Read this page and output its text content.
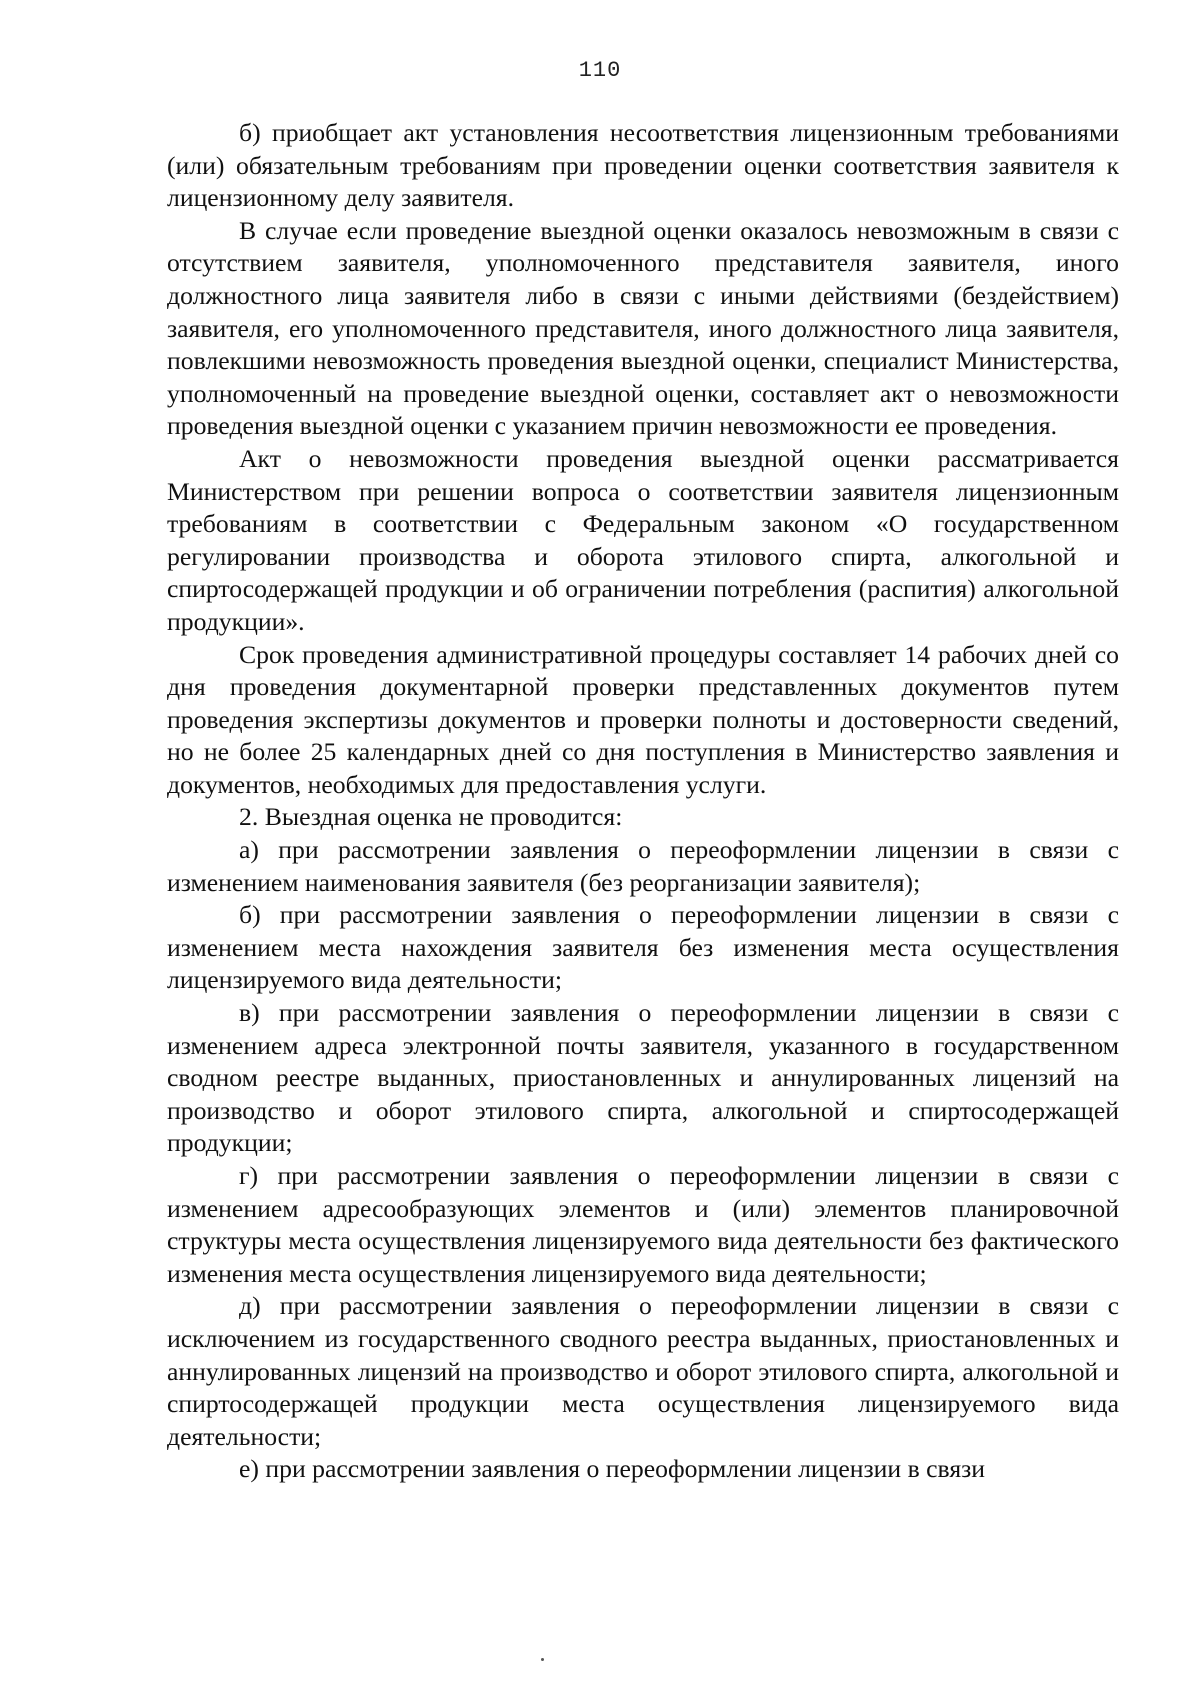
110

б) приобщает акт установления несоответствия лицензионным требованиями (или) обязательным требованиям при проведении оценки соответствия заявителя к лицензионному делу заявителя.

В случае если проведение выездной оценки оказалось невозможным в связи с отсутствием заявителя, уполномоченного представителя заявителя, иного должностного лица заявителя либо в связи с иными действиями (бездействием) заявителя, его уполномоченного представителя, иного должностного лица заявителя, повлекшими невозможность проведения выездной оценки, специалист Министерства, уполномоченный на проведение выездной оценки, составляет акт о невозможности проведения выездной оценки с указанием причин невозможности ее проведения.

Акт о невозможности проведения выездной оценки рассматривается Министерством при решении вопроса о соответствии заявителя лицензионным требованиям в соответствии с Федеральным законом «О государственном регулировании производства и оборота этилового спирта, алкогольной и спиртосодержащей продукции и об ограничении потребления (распития) алкогольной продукции».

Срок проведения административной процедуры составляет 14 рабочих дней со дня проведения документарной проверки представленных документов путем проведения экспертизы документов и проверки полноты и достоверности сведений, но не более 25 календарных дней со дня поступления в Министерство заявления и документов, необходимых для предоставления услуги.

2. Выездная оценка не проводится:

а) при рассмотрении заявления о переоформлении лицензии в связи с изменением наименования заявителя (без реорганизации заявителя);

б) при рассмотрении заявления о переоформлении лицензии в связи с изменением места нахождения заявителя без изменения места осуществления лицензируемого вида деятельности;

в) при рассмотрении заявления о переоформлении лицензии в связи с изменением адреса электронной почты заявителя, указанного в государственном сводном реестре выданных, приостановленных и аннулированных лицензий на производство и оборот этилового спирта, алкогольной и спиртосодержащей продукции;

г) при рассмотрении заявления о переоформлении лицензии в связи с изменением адресообразующих элементов и (или) элементов планировочной структуры места осуществления лицензируемого вида деятельности без фактического изменения места осуществления лицензируемого вида деятельности;

д) при рассмотрении заявления о переоформлении лицензии в связи с исключением из государственного сводного реестра выданных, приостановленных и аннулированных лицензий на производство и оборот этилового спирта, алкогольной и спиртосодержащей продукции места осуществления лицензируемого вида деятельности;

е) при рассмотрении заявления о переоформлении лицензии в связи
